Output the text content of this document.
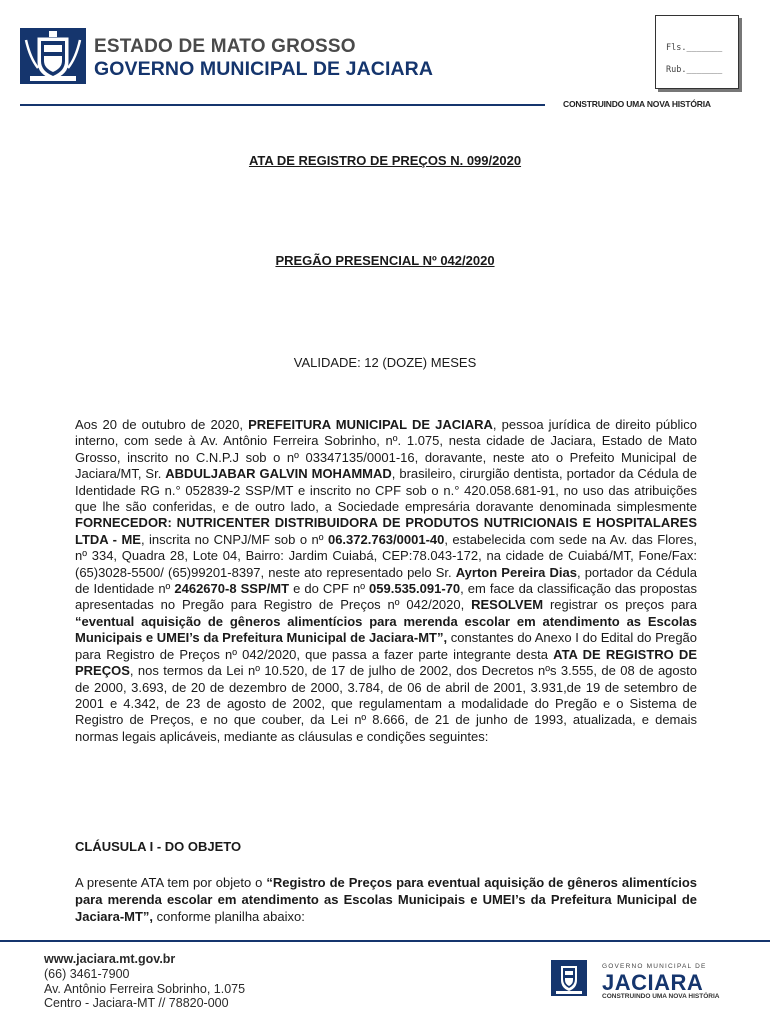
ESTADO DE MATO GROSSO
GOVERNO MUNICIPAL DE JACIARA
Fls._______
Rub._______
CONSTRUINDO UMA NOVA HISTÓRIA
ATA DE REGISTRO DE PREÇOS N. 099/2020
PREGÃO PRESENCIAL Nº 042/2020
VALIDADE: 12 (DOZE) MESES
Aos 20 de outubro de 2020, PREFEITURA MUNICIPAL DE JACIARA, pessoa jurídica de direito público interno, com sede à Av. Antônio Ferreira Sobrinho, nº. 1.075, nesta cidade de Jaciara, Estado de Mato Grosso, inscrito no C.N.P.J sob o nº 03347135/0001-16, doravante, neste ato o Prefeito Municipal de Jaciara/MT, Sr. ABDULJABAR GALVIN MOHAMMAD, brasileiro, cirurgião dentista, portador da Cédula de Identidade RG n.° 052839-2 SSP/MT e inscrito no CPF sob o n.° 420.058.681-91, no uso das atribuições que lhe são conferidas, e de outro lado, a Sociedade empresária doravante denominada simplesmente FORNECEDOR: NUTRICENTER DISTRIBUIDORA DE PRODUTOS NUTRICIONAIS E HOSPITALARES LTDA - ME, inscrita no CNPJ/MF sob o nº 06.372.763/0001-40, estabelecida com sede na Av. das Flores, nº 334, Quadra 28, Lote 04, Bairro: Jardim Cuiabá, CEP:78.043-172, na cidade de Cuiabá/MT, Fone/Fax: (65)3028-5500/ (65)99201-8397, neste ato representado pelo Sr. Ayrton Pereira Dias, portador da Cédula de Identidade nº 2462670-8 SSP/MT e do CPF nº 059.535.091-70, em face da classificação das propostas apresentadas no Pregão para Registro de Preços nº 042/2020, RESOLVEM registrar os preços para “eventual aquisição de gêneros alimentícios para merenda escolar em atendimento as Escolas Municipais e UMEI’s da Prefeitura Municipal de Jaciara-MT”, constantes do Anexo I do Edital do Pregão para Registro de Preços nº 042/2020, que passa a fazer parte integrante desta ATA DE REGISTRO DE PREÇOS, nos termos da Lei nº 10.520, de 17 de julho de 2002, dos Decretos nºs 3.555, de 08 de agosto de 2000, 3.693, de 20 de dezembro de 2000, 3.784, de 06 de abril de 2001, 3.931,de 19 de setembro de 2001 e 4.342, de 23 de agosto de 2002, que regulamentam a modalidade do Pregão e o Sistema de Registro de Preços, e no que couber, da Lei nº 8.666, de 21 de junho de 1993, atualizada, e demais normas legais aplicáveis, mediante as cláusulas e condições seguintes:
CLÁUSULA I - DO OBJETO
A presente ATA tem por objeto o “Registro de Preços para eventual aquisição de gêneros alimentícios para merenda escolar em atendimento as Escolas Municipais e UMEI’s da Prefeitura Municipal de Jaciara-MT”, conforme planilha abaixo:
www.jaciara.mt.gov.br
(66) 3461-7900
Av. Antônio Ferreira Sobrinho, 1.075
Centro - Jaciara-MT // 78820-000
GOVERNO MUNICIPAL DE
JACIARA
CONSTRUINDO UMA NOVA HISTÓRIA
